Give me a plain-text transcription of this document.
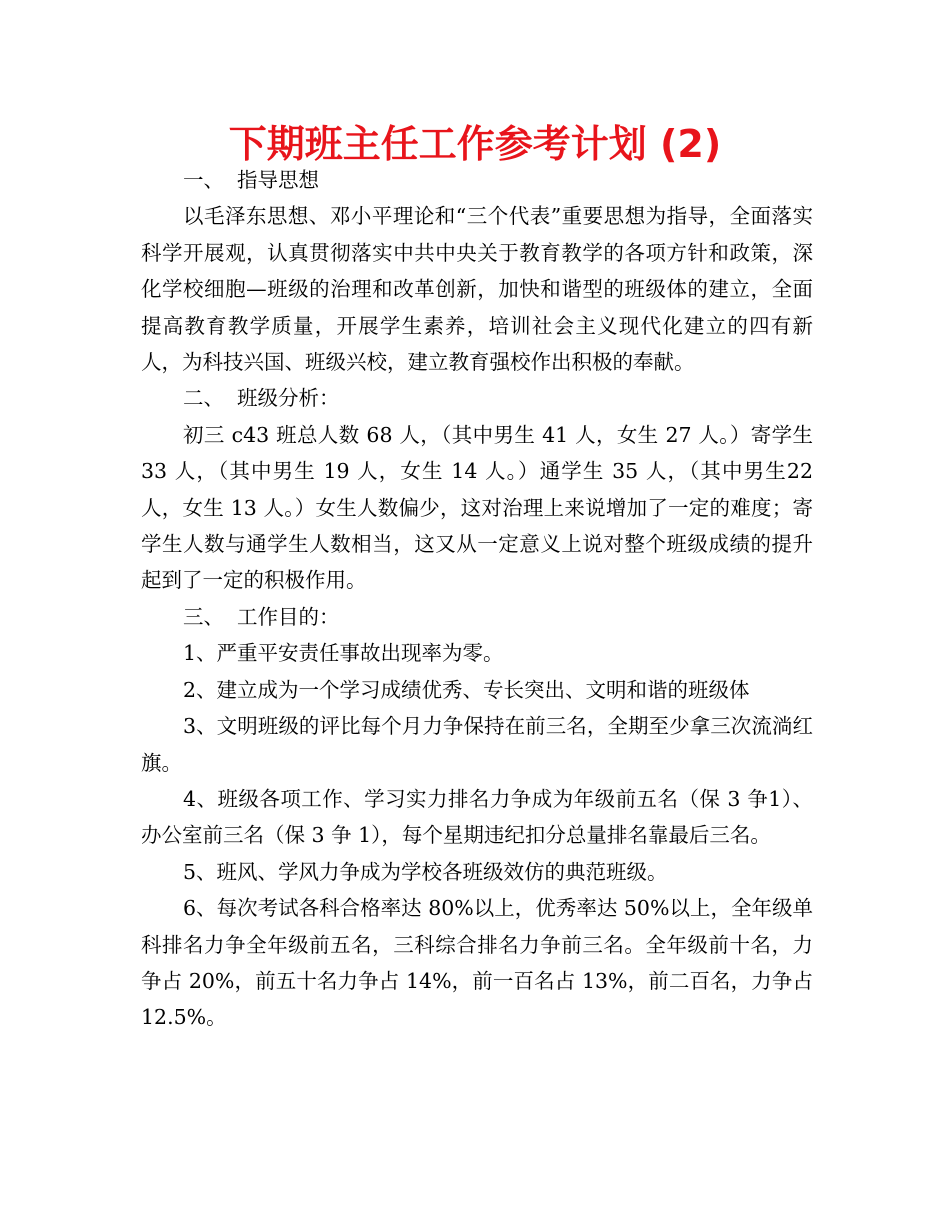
下期班主任工作参考计划 (2)

一、  指导思想

以毛泽东思想、邓小平理论和“三个代表”重要思想为指导，全面落实科学开展观，认真贯彻落实中共中央关于教育教学的各项方针和政策，深化学校细胞—班级的治理和改革创新，加快和谐型的班级体的建立，全面提高教育教学质量，开展学生素养，培训社会主义现代化建立的四有新人，为科技兴国、班级兴校，建立教育强校作出积极的奉献。

二、  班级分析：

初三 c43 班总人数 68 人，（其中男生 41 人，女生 27 人。）寄学生 33 人，（其中男生 19 人，女生 14 人。）通学生 35 人，（其中男生22 人，女生 13 人。）女生人数偏少，这对治理上来说增加了一定的难度；寄学生人数与通学生人数相当，这又从一定意义上说对整个班级成绩的提升起到了一定的积极作用。

三、  工作目的：

1、严重平安责任事故出现率为零。

2、建立成为一个学习成绩优秀、专长突出、文明和谐的班级体

3、文明班级的评比每个月力争保持在前三名，全期至少拿三次流淌红旗。

4、班级各项工作、学习实力排名力争成为年级前五名（保 3 争1）、办公室前三名（保 3 争 1），每个星期违纪扣分总量排名靠最后三名。

5、班风、学风力争成为学校各班级效仿的典范班级。

6、每次考试各科合格率达 80%以上，优秀率达 50%以上，全年级单科排名力争全年级前五名，三科综合排名力争前三名。全年级前十名，力争占 20%，前五十名力争占 14%，前一百名占 13%，前二百名，力争占 12.5%。
